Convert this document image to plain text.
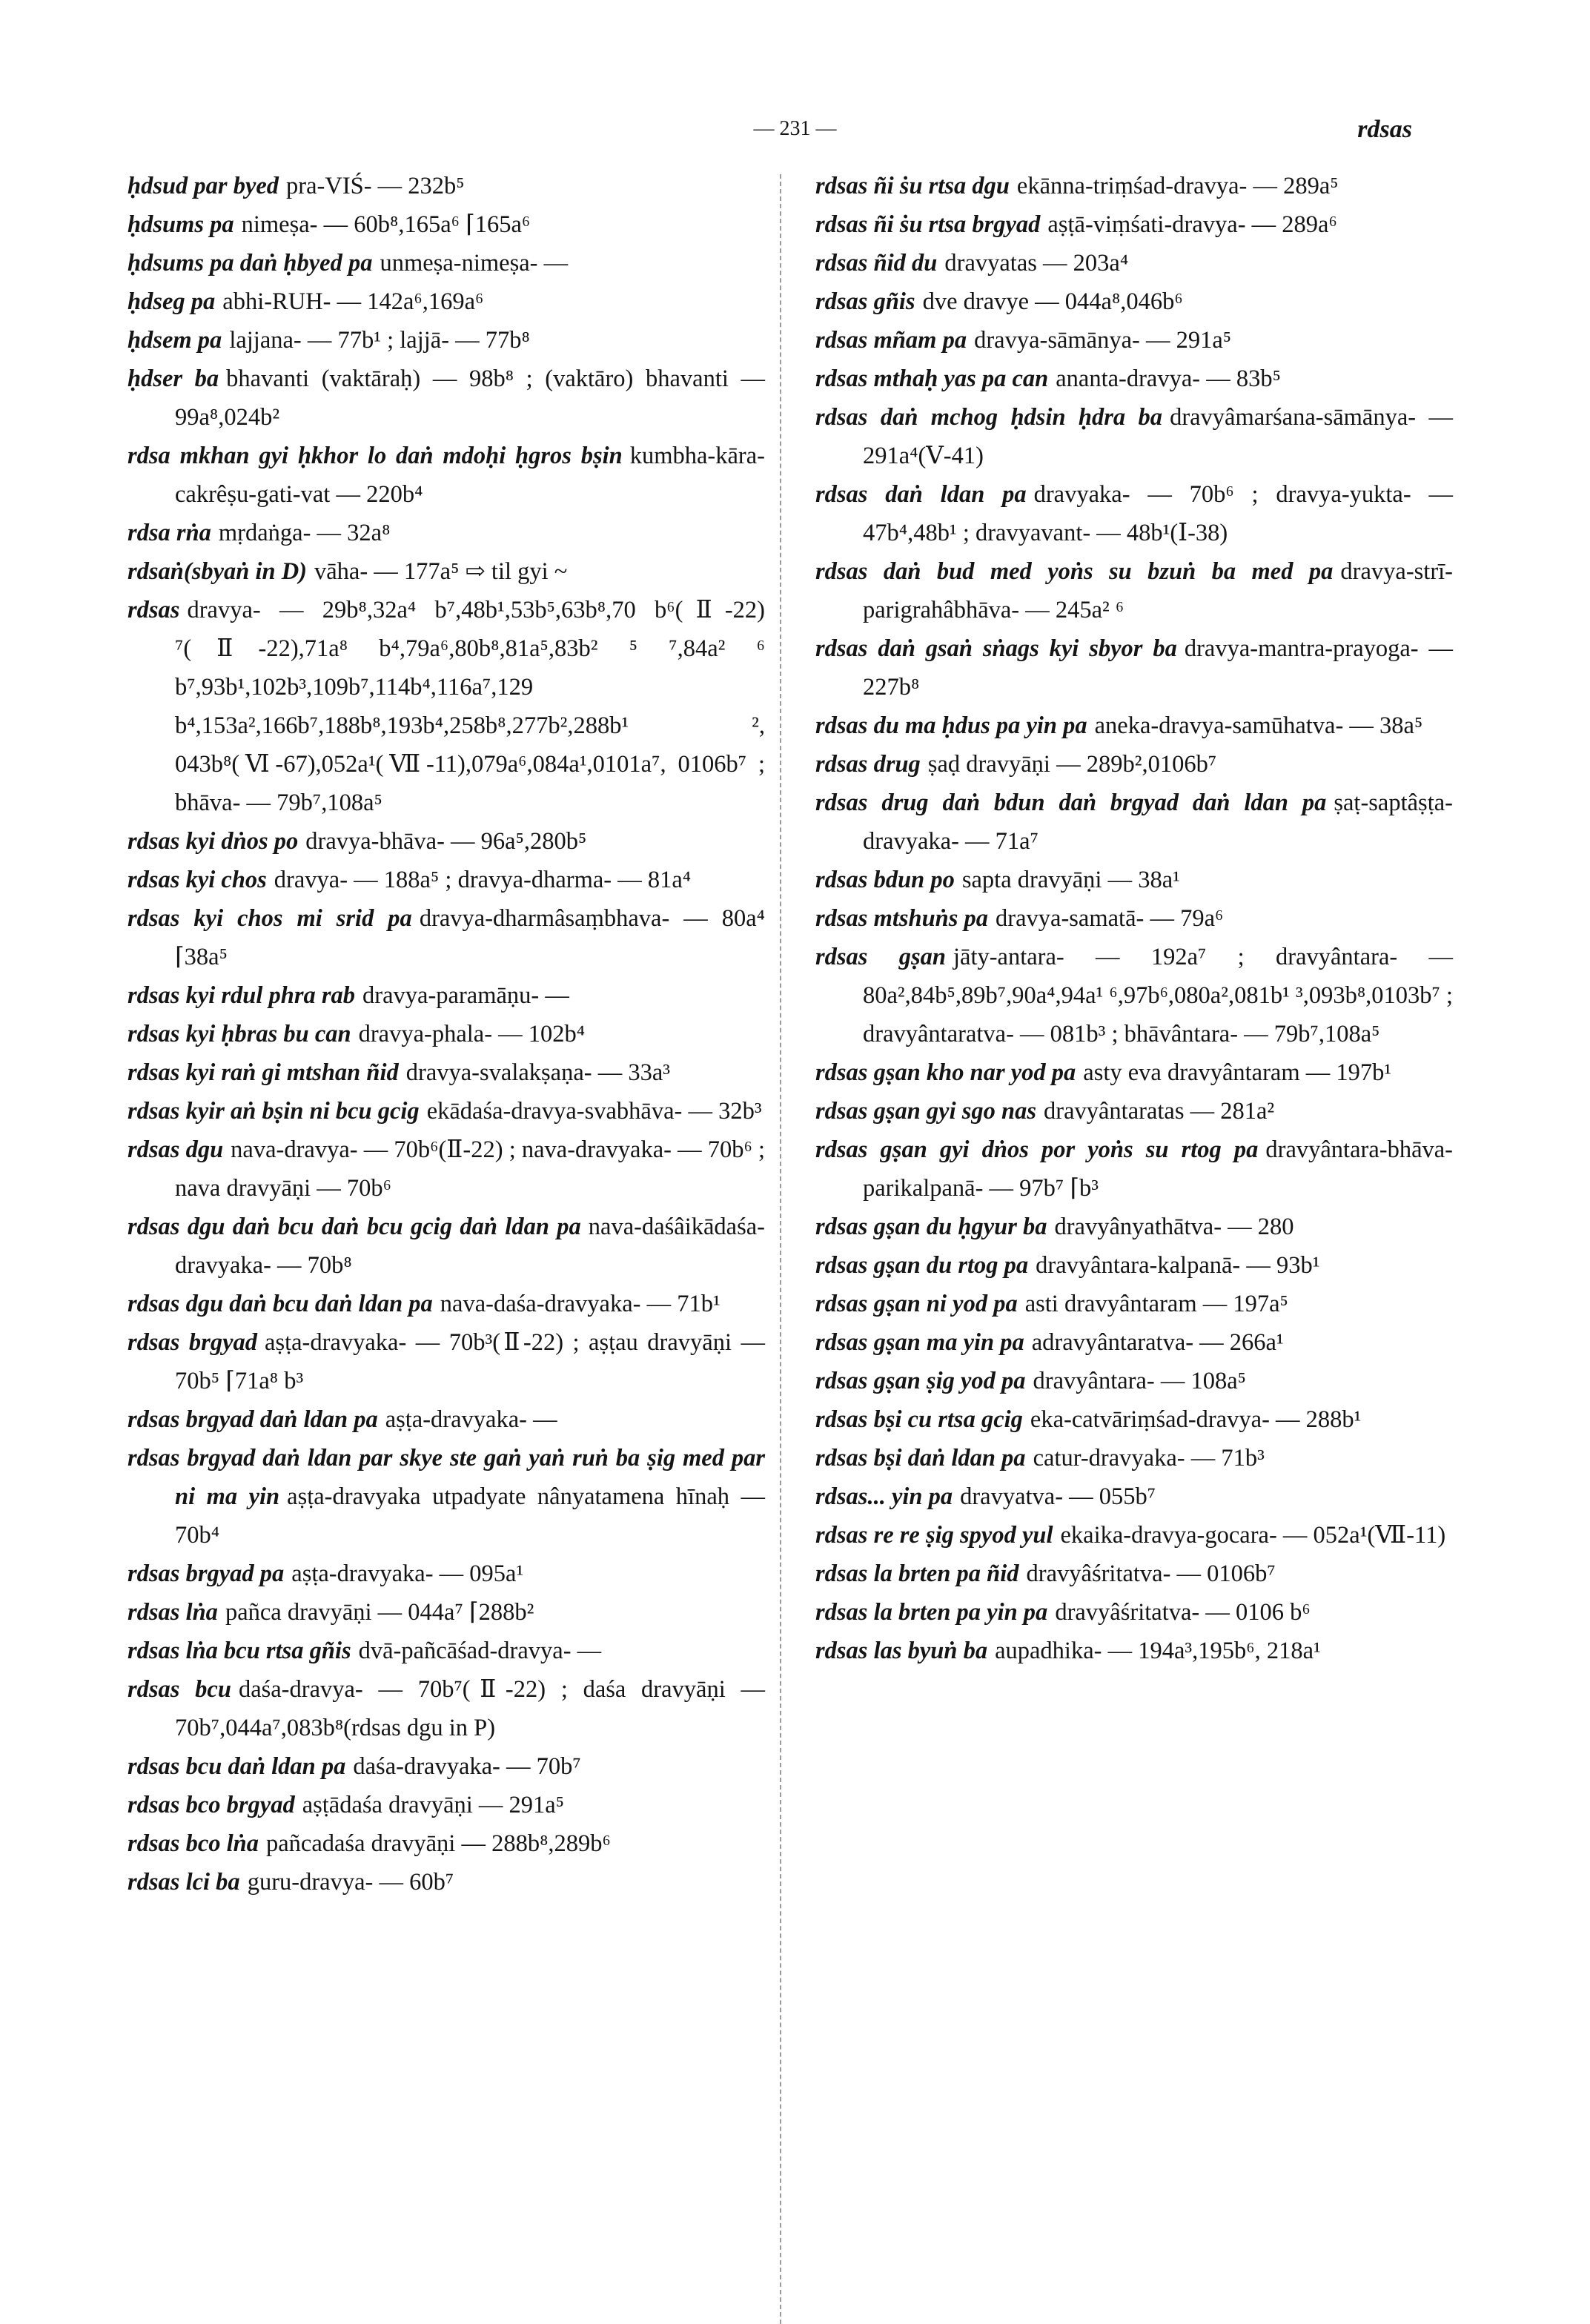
— 231 —	rdsas

ḥdsud par byed pra-VIŚ- — 232b⁵

ḥdsums pa nimeṣa- — 60b⁸,165a⁶ ⌈165a⁶

ḥdsums pa daṅ ḥbyed pa unmeṣa-nimeṣa- —

ḥdseg pa abhi-RUH- — 142a⁶,169a⁶

ḥdsem pa lajjana- — 77b¹ ; lajjā- — 77b⁸

ḥdser ba bhavanti (vaktāraḥ) — 98b⁸ ; (vaktāro) bhavanti — 99a⁸,024b²

rdsa mkhan gyi ḥkhor lo daṅ mdoḥi ḥgros bṣin kumbha-kāra-cakrêṣu-gati-vat — 220b⁴

rdsa rṅa mṛdaṅga- — 32a⁸

rdsaṅ(sbyaṅ in D) vāha- — 177a⁵ ⇨ til gyi ~

rdsas dravya- — 29b⁸,32a⁴ b⁷,48b¹,53b⁵,63b⁸,70 b⁶(Ⅱ-22) ⁷(Ⅱ-22),71a⁸ b⁴,79a⁶,80b⁸,81a⁵,83b² ⁵ ⁷,84a² ⁶ b⁷,93b¹,102b³,109b⁷,114b⁴,116a⁷,129 b⁴,153a²,166b⁷,188b⁸,193b⁴,258b⁸,277b²,288b¹ ², 043b⁸(Ⅵ-67),052a¹(Ⅶ-11),079a⁶,084a¹,0101a⁷, 0106b⁷ ; bhāva- — 79b⁷,108a⁵

rdsas kyi dṅos po dravya-bhāva- — 96a⁵,280b⁵

rdsas kyi chos dravya- — 188a⁵ ; dravya-dharma- — 81a⁴

rdsas kyi chos mi srid pa dravya-dharmâsaṃbhava- — 80a⁴ ⌈38a⁵

rdsas kyi rdul phra rab dravya-paramāṇu- —

rdsas kyi ḥbras bu can dravya-phala- — 102b⁴

rdsas kyi raṅ gi mtshan ñid dravya-svalakṣaṇa- — 33a³

rdsas kyir aṅ bṣin ni bcu gcig ekādaśa-dravya-svabhāva- — 32b³

rdsas dgu nava-dravya- — 70b⁶(Ⅱ-22) ; nava-dravyaka- — 70b⁶ ; nava dravyāṇi — 70b⁶

rdsas dgu daṅ bcu daṅ bcu gcig daṅ ldan pa nava-daśâikādaśa-dravyaka- — 70b⁸

rdsas dgu daṅ bcu daṅ ldan pa nava-daśa-dravyaka- — 71b¹

rdsas brgyad aṣṭa-dravyaka- — 70b³(Ⅱ-22) ; aṣṭau dravyāṇi — 70b⁵ ⌈71a⁸ b³

rdsas brgyad daṅ ldan pa aṣṭa-dravyaka- —

rdsas brgyad daṅ ldan par skye ste gaṅ yaṅ ruṅ ba ṣig med par ni ma yin aṣṭa-dravyaka utpadyate nânyatamena hīnaḥ — 70b⁴

rdsas brgyad pa aṣṭa-dravyaka- — 095a¹

rdsas lṅa pañca dravyāṇi — 044a⁷ ⌈288b²

rdsas lṅa bcu rtsa gñis dvā-pañcāśad-dravya- —

rdsas bcu daśa-dravya- — 70b⁷(Ⅱ-22) ; daśa dravyāṇi — 70b⁷,044a⁷,083b⁸(rdsas dgu in P)

rdsas bcu daṅ ldan pa daśa-dravyaka- — 70b⁷

rdsas bco brgyad aṣṭādaśa dravyāṇi — 291a⁵

rdsas bco lṅa pañcadaśa dravyāṇi — 288b⁸,289b⁶

rdsas lci ba guru-dravya- — 60b⁷

rdsas ñi ṡu rtsa dgu ekānna-triṃśad-dravya- — 289a⁵

rdsas ñi ṡu rtsa brgyad aṣṭā-viṃśati-dravya- — 289a⁶

rdsas ñid du dravyatas — 203a⁴

rdsas gñis dve dravye — 044a⁸,046b⁶

rdsas mñam pa dravya-sāmānya- — 291a⁵

rdsas mthaḥ yas pa can ananta-dravya- — 83b⁵

rdsas daṅ mchog ḥdsin ḥdra ba dravyâmarśana-sāmānya- — 291a⁴(Ⅴ-41)

rdsas daṅ ldan pa dravyaka- — 70b⁶ ; dravya-yukta- — 47b⁴,48b¹ ; dravyavant- — 48b¹(Ⅰ-38)

rdsas daṅ bud med yoṅs su bzuṅ ba med pa dravya-strī-parigrahâbhāva- — 245a² ⁶

rdsas daṅ gsaṅ sṅags kyi sbyor ba dravya-mantra-prayoga- — 227b⁸

rdsas du ma ḥdus pa yin pa aneka-dravya-samūhatva- — 38a⁵

rdsas drug ṣaḍ dravyāṇi — 289b²,0106b⁷

rdsas drug daṅ bdun daṅ brgyad daṅ ldan pa ṣaṭ-saptâṣṭa-dravyaka- — 71a⁷

rdsas bdun po sapta dravyāṇi — 38a¹

rdsas mtshuṅs pa dravya-samatā- — 79a⁶

rdsas gṣan jāty-antara- — 192a⁷ ; dravyântara- — 80a²,84b⁵,89b⁷,90a⁴,94a¹ ⁶,97b⁶,080a²,081b¹ ³,093b⁸,0103b⁷ ; dravyântaratva- — 081b³ ; bhāvântara- — 79b⁷,108a⁵

rdsas gṣan kho nar yod pa asty eva dravyântaram — 197b¹

rdsas gṣan gyi sgo nas dravyântaratas — 281a²

rdsas gṣan gyi dṅos por yoṅs su rtog pa dravyântara-bhāva-parikalpanā- — 97b⁷ ⌈b³

rdsas gṣan du ḥgyur ba dravyânyathātva- — 280

rdsas gṣan du rtog pa dravyântara-kalpanā- — 93b¹

rdsas gṣan ni yod pa asti dravyântaram — 197a⁵

rdsas gṣan ma yin pa adravyântaratva- — 266a¹

rdsas gṣan ṣig yod pa dravyântara- — 108a⁵

rdsas bṣi cu rtsa gcig eka-catvāriṃśad-dravya- — 288b¹

rdsas bṣi daṅ ldan pa catur-dravyaka- — 71b³

rdsas... yin pa dravyatva- — 055b⁷

rdsas re re ṣig spyod yul ekaika-dravya-gocara- — 052a¹(Ⅶ-11)

rdsas la brten pa ñid dravyâśritatva- — 0106b⁷

rdsas la brten pa yin pa dravyâśritatva- — 0106 b⁶

rdsas las byuṅ ba aupadhika- — 194a³,195b⁶, 218a¹
